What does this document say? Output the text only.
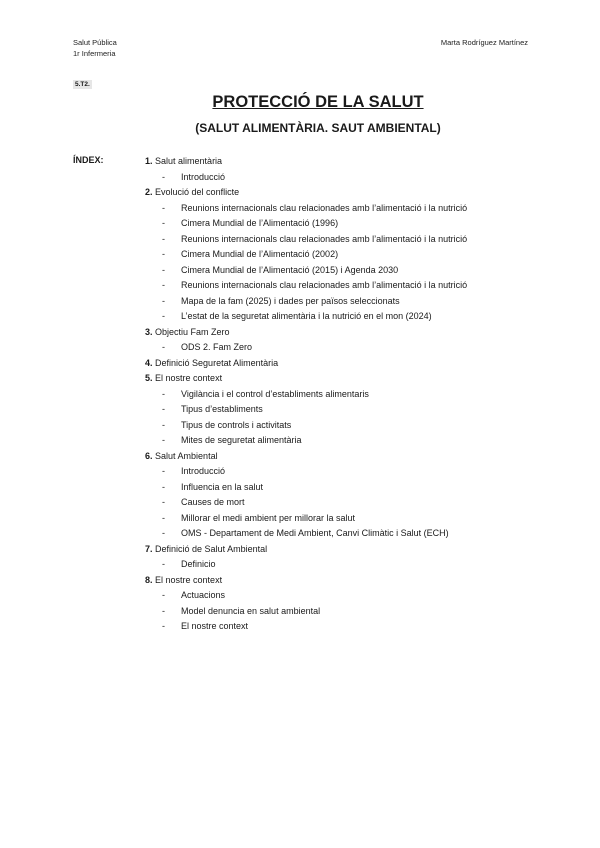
Salut Pública
1r Infermeria
Marta Rodríguez Martínez
5.T2.
PROTECCIÓ DE LA SALUT
(SALUT ALIMENTÀRIA. SAUT AMBIENTAL)
ÍNDEX:	1. Salut alimentària
- Introducció
2. Evolució del conflicte
- Reunions internacionals clau relacionades amb l’alimentació i la nutrició
- Cimera Mundial de l’Alimentació (1996)
- Reunions internacionals clau relacionades amb l’alimentació i la nutrició
- Cimera Mundial de l’Alimentació (2002)
- Cimera Mundial de l’Alimentació (2015) i Agenda 2030
- Reunions internacionals clau relacionades amb l’alimentació i la nutrició
- Mapa de la fam (2025) i dades per països seleccionats
- L’estat de la seguretat alimentària i la nutrició en el mon (2024)
3. Objectiu Fam Zero
- ODS 2. Fam Zero
4. Definició Seguretat Alimentària
5. El nostre context
- Vigilància i el control d’establiments alimentaris
- Tipus d’establiments
- Tipus de controls i activitats
- Mites de seguretat alimentària
6. Salut Ambiental
- Introducció
- Influencia en la salut
- Causes de mort
- Millorar el medi ambient per millorar la salut
- OMS - Departament de Medi Ambient, Canvi Climàtic i Salut (ECH)
7. Definició de Salut Ambiental
- Definicio
8. El nostre context
- Actuacions
- Model denuncia en salut ambiental
- El nostre context
